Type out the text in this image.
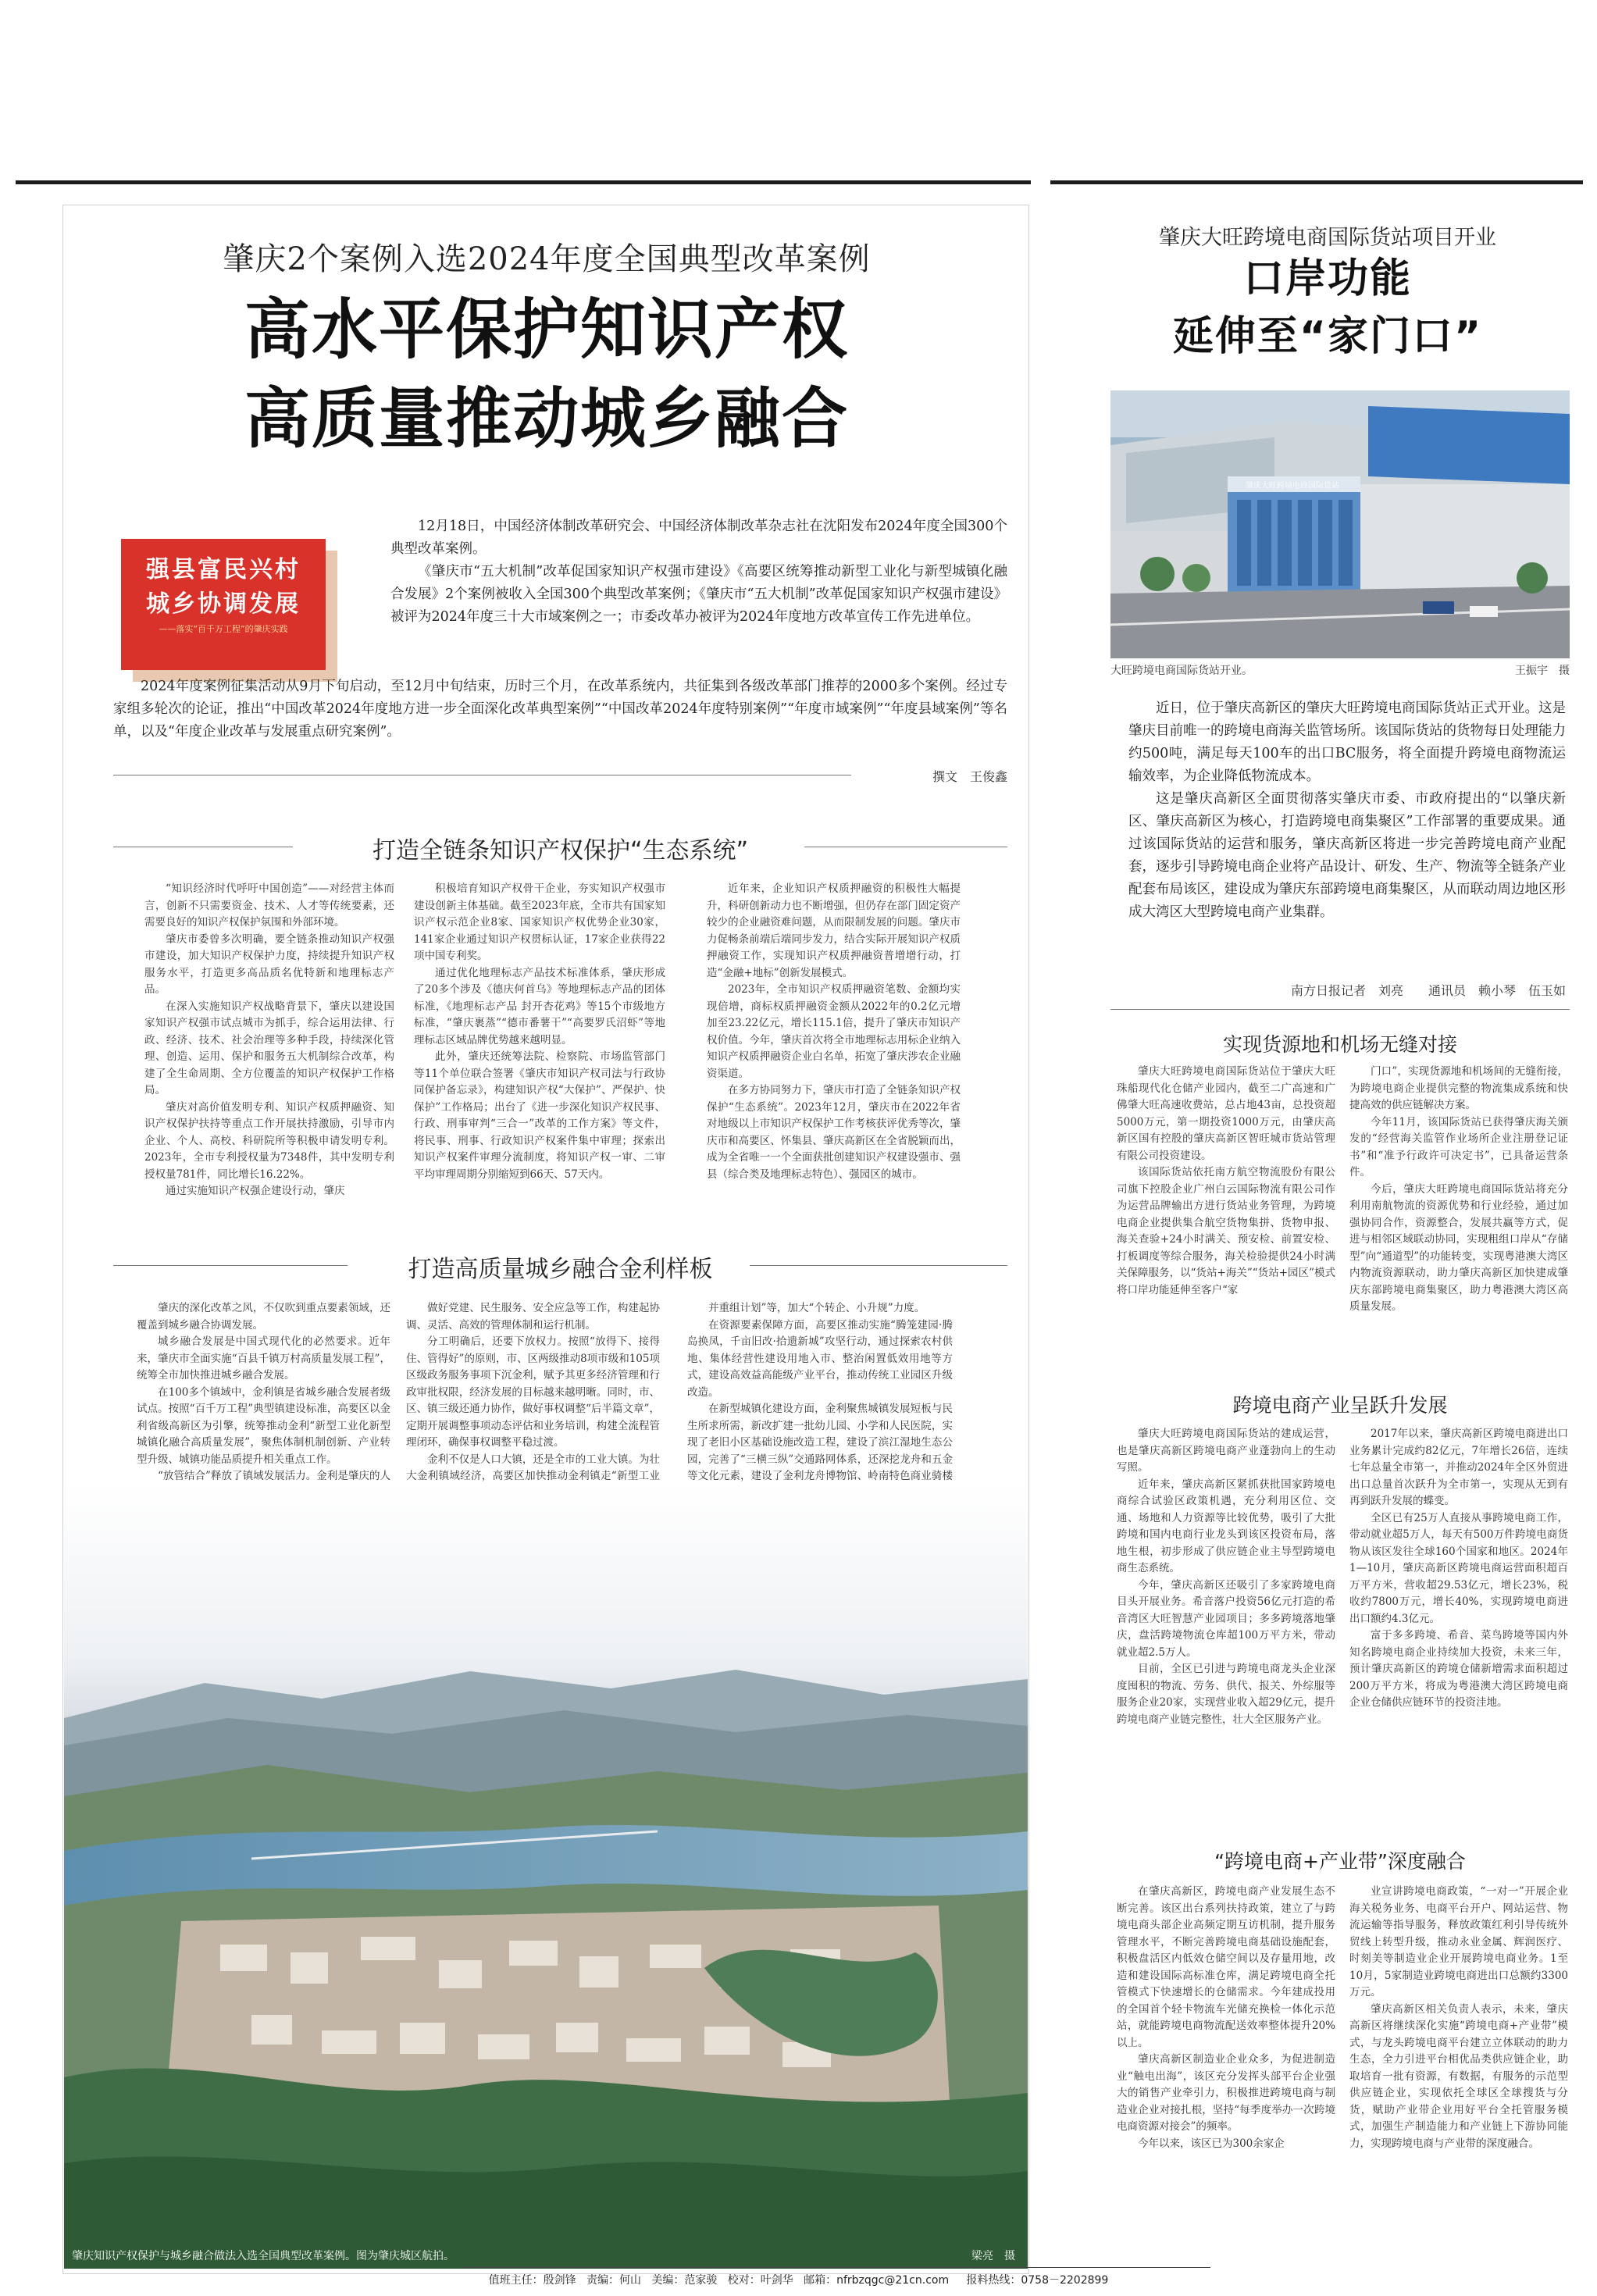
肇庆2个案例入选2024年度全国典型改革案例
高水平保护知识产权
高质量推动城乡融合
强县富民兴村
城乡协调发展
——落实“百千万工程”的肇庆实践

12月18日，中国经济体制改革研究会、中国经济体制改革杂志社在沈阳发布2024年度全国300个典型改革案例。

《肇庆市“五大机制”改革促国家知识产权强市建设》《高要区统筹推动新型工业化与新型城镇化融合发展》2个案例被收入全国300个典型改革案例；《肇庆市“五大机制”改革促国家知识产权强市建设》被评为2024年度三十大市域案例之一；市委改革办被评为2024年度地方改革宣传工作先进单位。

2024年度案例征集活动从9月下旬启动，至12月中旬结束，历时三个月，在改革系统内，共征集到各级改革部门推荐的2000多个案例。经过专家组多轮次的论证，推出“中国改革2024年度地方进一步全面深化改革典型案例”“中国改革2024年度特别案例”“年度市域案例”“年度县域案例”等名单，以及“年度企业改革与发展重点研究案例”。

撰文　王俊鑫
打造全链条知识产权保护“生态系统”

“知识经济时代呼吁中国创造”——对经营主体而言，创新不只需要资金、技术、人才等传统要素，还需要良好的知识产权保护氛围和外部环境。

肇庆市委曾多次明确，要全链条推动知识产权强市建设，加大知识产权保护力度，持续提升知识产权服务水平，打造更多高品质名优特新和地理标志产品。

在深入实施知识产权战略背景下，肇庆以建设国家知识产权强市试点城市为抓手，综合运用法律、行政、经济、技术、社会治理等多种手段，持续深化管理、创造、运用、保护和服务五大机制综合改革，构建了全生命周期、全方位覆盖的知识产权保护工作格局。

肇庆对高价值发明专利、知识产权质押融资、知识产权保护扶持等重点工作开展扶持激励，引导市内企业、个人、高校、科研院所等积极申请发明专利。2023年，全市专利授权量为7348件，其中发明专利授权量781件，同比增长16.22%。

通过实施知识产权强企建设行动，肇庆

积极培育知识产权骨干企业，夯实知识产权强市建设创新主体基础。截至2023年底，全市共有国家知识产权示范企业8家、国家知识产权优势企业30家，141家企业通过知识产权贯标认证，17家企业获得22项中国专利奖。

通过优化地理标志产品技术标准体系，肇庆形成了20多个涉及《德庆何首乌》等地理标志产品的团体标准，《地理标志产品 封开杏花鸡》等15个市级地方标准，“肇庆裹蒸”“德市番薯干”“高要罗氏沼虾”等地理标志区域品牌优势越来越明显。

此外，肇庆还统筹法院、检察院、市场监管部门等11个单位联合签署《肇庆市知识产权司法与行政协同保护备忘录》，构建知识产权“大保护”、严保护、快保护”工作格局；出台了《进一步深化知识产权民事、行政、刑事审判“三合一”改革的工作方案》等文件，将民事、刑事、行政知识产权案件集中审理；探索出知识产权案件审理分流制度，将知识产权一审、二审平均审理周期分别缩短到66天、57天内。

近年来，企业知识产权质押融资的积极性大幅提升，科研创新动力也不断增强，但仍存在部门固定资产较少的企业融资难问题，从而限制发展的问题。肇庆市力促畅条前端后端同步发力，结合实际开展知识产权质押融资工作，实现知识产权质押融资普增增行动，打造“金融+地标”创新发展模式。

2023年，全市知识产权质押融资笔数、金额均实现倍增，商标权质押融资金额从2022年的0.2亿元增加至23.22亿元，增长115.1倍，提升了肇庆市知识产权价值。今年，肇庆首次将全市地理标志用标企业纳入知识产权质押融资企业白名单，拓宽了肇庆涉农企业融资渠道。

在多方协同努力下，肇庆市打造了全链条知识产权保护“生态系统”。2023年12月，肇庆市在2022年省对地级以上市知识产权保护工作考核获评优秀等次，肇庆市和高要区、怀集县、肇庆高新区在全省脱颖而出，成为全省唯一一个全面获批创建知识产权建设强市、强县（综合类及地理标志特色）、强园区的城市。

打造高质量城乡融合金利样板

肇庆的深化改革之风，不仅吹到重点要素领域，还覆盖到城乡融合协调发展。

城乡融合发展是中国式现代化的必然要求。近年来，肇庆市全面实施“百县千镇万村高质量发展工程”，统筹全市加快推进城乡融合发展。

在100多个镇域中，金利镇是省城乡融合发展者级试点。按照“百千万工程”典型镇建设标准，高要区以金利省级高新区为引擎，统筹推动金利“新型工业化新型城镇化融合高质量发展”，聚焦体制机制创新、产业转型升级、城镇功能品质提升相关重点工作。

“放管结合”释放了镇域发展活力。金利是肇庆的人

做好党建、民生服务、安全应急等工作，构建起协调、灵活、高效的管理体制和运行机制。

分工明确后，还要下放权力。按照“放得下、接得住、管得好”的原则，市、区两级推动8项市级和105项区级政务服务事项下沉金利，赋予其更多经济管理和行政审批权限，经济发展的目标越来越明晰。同时，市、区、镇三级还通力协作，做好事权调整“后半篇文章”，定期开展调整事项动态评估和业务培训，构建全流程管理闭环，确保事权调整平稳过渡。

金利不仅是人口大镇，还是全市的工业大镇。为壮大金利镇域经济，高要区加快推动金利镇走“新型工业

并重组计划”等，加大“个转企、小升规”力度。

在资源要素保障方面，高要区推动实施“腾笼建园·腾岛换凤，千亩旧改·拾遗新城”攻坚行动，通过探索农村供地、集体经营性建设用地入市、整治闲置低效用地等方式，建设高效益高能级产业平台，推动传统工业园区升级改造。

在新型城镇化建设方面，金利聚焦城镇发展短板与民生所求所需，新改扩建一批幼儿园、小学和人民医院，实现了老旧小区基础设施改造工程，建设了滨江湿地生态公园，完善了“三横三纵”交通路网体系，还深挖龙舟和五金等文化元素，建设了金利龙舟博物馆、岭南特色商业骑楼

肇庆知识产权保护与城乡融合做法入选全国典型改革案例。图为肇庆城区航拍。	梁亮　摄
肇庆大旺跨境电商国际货站项目开业
口岸功能
延伸至“家门口”
肇庆大旺跨境电商国际货站
大旺跨境电商国际货站开业。	王振宇　摄

近日，位于肇庆高新区的肇庆大旺跨境电商国际货站正式开业。这是肇庆目前唯一的跨境电商海关监管场所。该国际货站的货物每日处理能力约500吨，满足每天100车的出口BC服务，将全面提升跨境电商物流运输效率，为企业降低物流成本。

这是肇庆高新区全面贯彻落实肇庆市委、市政府提出的“以肇庆新区、肇庆高新区为核心，打造跨境电商集聚区”工作部署的重要成果。通过该国际货站的运营和服务，肇庆高新区将进一步完善跨境电商产业配套，逐步引导跨境电商企业将产品设计、研发、生产、物流等全链条产业配套布局该区，建设成为肇庆东部跨境电商集聚区，从而联动周边地区形成大湾区大型跨境电商产业集群。

南方日报记者　刘亮　　通讯员　赖小琴　伍玉如
实现货源地和机场无缝对接

肇庆大旺跨境电商国际货站位于肇庆大旺珠船现代化仓储产业园内，截至二广高速和广佛肇大旺高速收费站，总占地43亩，总投资超5000万元，第一期投资1000万元，由肇庆高新区国有控股的肇庆高新区智旺城市货站管理有限公司投资建设。

该国际货站依托南方航空物流股份有限公司旗下控股企业广州白云国际物流有限公司作为运营品牌输出方进行货站业务管理，为跨境电商企业提供集合航空货物集拼、货物申报、海关查验+24小时满关、预安检、前置安检、打板调度等综合服务，海关检验提供24小时满关保障服务，以“货站+海关”“货站+园区”模式将口岸功能延伸至客户“家

门口”，实现货源地和机场间的无缝衔接，为跨境电商企业提供完整的物流集成系统和快捷高效的供应链解决方案。

今年11月，该国际货站已获得肇庆海关颁发的“经营海关监管作业场所企业注册登记证书”和“准予行政许可决定书”，已具备运营条件。

今后，肇庆大旺跨境电商国际货站将充分利用南航物流的资源优势和行业经验，通过加强协同合作，资源整合，发展共赢等方式，促进与相邻区域联动协同，实现粗组口岸从“存储型”向“通道型”的功能转变，实现粤港澳大湾区内物流资源联动，助力肇庆高新区加快建成肇庆东部跨境电商集聚区，助力粤港澳大湾区高质量发展。

跨境电商产业呈跃升发展

肇庆大旺跨境电商国际货站的建成运营，也是肇庆高新区跨境电商产业蓬勃向上的生动写照。

近年来，肇庆高新区紧抓获批国家跨境电商综合试验区政策机遇，充分利用区位、交通、场地和人力资源等比较优势，吸引了大批跨境和国内电商行业龙头到该区投资布局，落地生根，初步形成了供应链企业主导型跨境电商生态系统。

今年，肇庆高新区还吸引了多家跨境电商目头开展业务。希音落户投资56亿元打造的希音湾区大旺智慧产业园项目；多多跨境落地肇庆，盘活跨境物流仓库超100万平方米，带动就业超2.5万人。

目前，全区已引进与跨境电商龙头企业深度囤积的物流、劳务、供代、报关、外综服等服务企业20家，实现营业收入超29亿元，提升跨境电商产业链完整性，壮大全区服务产业。

2017年以来，肇庆高新区跨境电商进出口业务累计完成约82亿元，7年增长26倍，连续七年总量全市第一，并推动2024年全区外贸进出口总量首次跃升为全市第一，实现从无到有再到跃升发展的蝶变。

全区已有25万人直接从事跨境电商工作，带动就业超5万人，每天有500万件跨境电商货物从该区发往全球160个国家和地区。2024年1—10月，肇庆高新区跨境电商运营面积超百万平方米，营收超29.53亿元，增长23%，税收约7800万元，增长40%，实现跨境电商进出口额约4.3亿元。

富于多多跨境、希音、菜鸟跨境等国内外知名跨境电商企业持续加大投资，未来三年，预计肇庆高新区的跨境仓储新增需求面积超过200万平方米，将成为粤港澳大湾区跨境电商企业仓储供应链环节的投资洼地。

“跨境电商+产业带”深度融合

在肇庆高新区，跨境电商产业发展生态不断完善。该区出台系列扶持政策，建立了与跨境电商头部企业高频定期互访机制，提升服务管理水平，不断完善跨境电商基础设施配套，积极盘活区内低效仓储空间以及存量用地，改造和建设国际高标准仓库，满足跨境电商全托管模式下快速增长的仓储需求。今年建成投用的全国首个轻卡物流车光储充换检一体化示范站，就能跨境电商物流配送效率整体提升20%以上。

肇庆高新区制造业企业众多，为促进制造业“触电出海”，该区充分发挥头部平台企业强大的销售产业牵引力，积极推进跨境电商与制造业企业对接扎根，坚持“每季度举办一次跨境电商资源对接会”的频率。

今年以来，该区已为300余家企

业宣讲跨境电商政策，“一对一”开展企业海关税务业务、电商平台开户、网站运营、物流运输等指导服务，释放政策红利引导传统外贸线上转型升级，推动永业金属、辉润医疗、时刻美等制造业企业开展跨境电商业务。1至10月，5家制造业跨境电商进出口总额约3300万元。

肇庆高新区相关负责人表示，未来，肇庆高新区将继续深化实施“跨境电商+产业带”模式，与龙头跨境电商平台建立立体联动的助力生态，全力引进平台相优品类供应链企业，助取培育一批有资源，有数据，有服务的示范型供应链企业，实现依托全球区全球搜货与分货，赋助产业带企业用好平台全托管服务模式，加强生产制造能力和产业链上下游协同能力，实现跨境电商与产业带的深度融合。

值班主任：殷剑锋 责编：何山 美编：范家骏 校对：叶剑华 邮箱：nfrbzqgc@21cn.com 报料热线：0758－2202899
